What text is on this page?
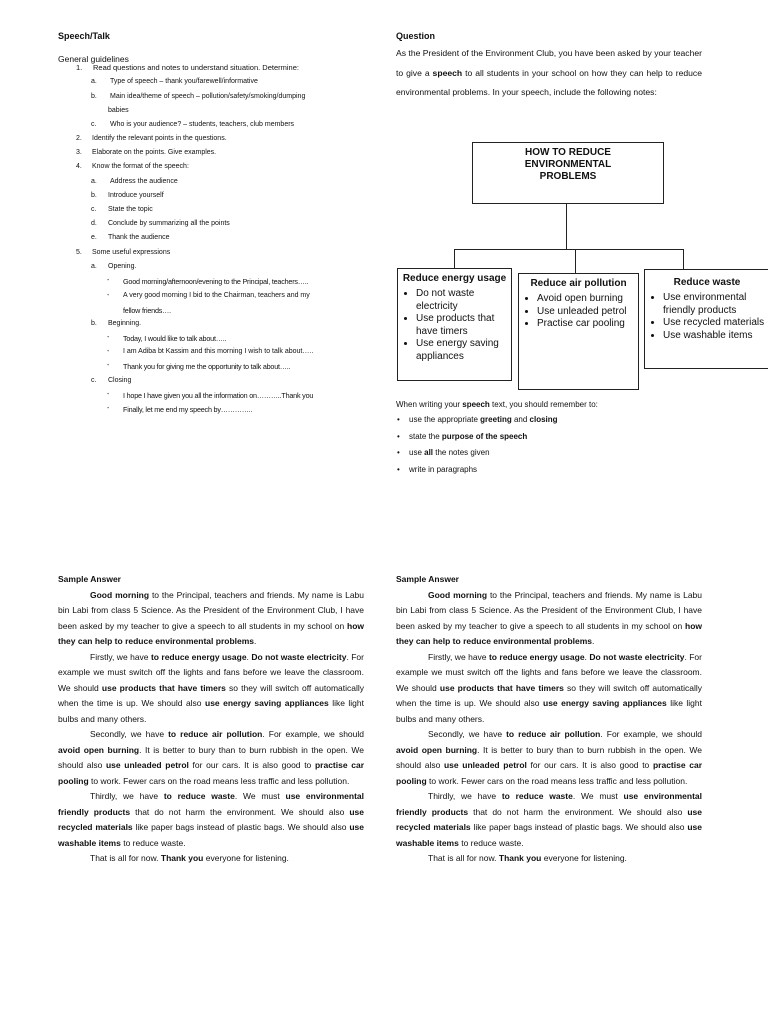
Speech/Talk
General guidelines
1. Read questions and notes to understand situation. Determine:
a. Type of speech – thank you/farewell/informative
b. Main idea/theme of speech – pollution/safety/smoking/dumping
babies
c. Who is your audience? – students, teachers, club members
2. Identify the relevant points in the questions.
3. Elaborate on the points. Give examples.
4. Know the format of the speech:
a. Address the audience
b. Introduce yourself
c. State the topic
d. Conclude by summarizing all the points
e. Thank the audience
5. Some useful expressions
a. Opening.
- Good morning/afternoon/evening to the Principal, teachers…..
- A very good morning I bid to the Chairman, teachers and my
fellow friends….
b. Beginning.
- Today, I would like to talk about…..
- I am Adiba bt Kassim and this morning I wish to talk about…..
- Thank you for giving me the opportunity to talk about…..
c. Closing
- I hope I have given you all the information on………..Thank you
- Finally, let me end my speech by…………..
Question
As the President of the Environment Club, you have been asked by your teacher to give a speech to all students in your school on how they can help to reduce environmental problems. In your speech, include the following notes:
HOW TO REDUCE ENVIRONMENTAL PROBLEMS
Reduce energy usage
• Do not waste electricity
• Use products that have timers
• Use energy saving appliances
Reduce air pollution
• Avoid open burning
• Use unleaded petrol
• Practise car pooling
Reduce waste
• Use environmental friendly products
• Use recycled materials
• Use washable items
When writing your speech text, you should remember to:
• use the appropriate greeting and closing
• state the purpose of the speech
• use all the notes given
• write in paragraphs
Sample Answer

Good morning to the Principal, teachers and friends. My name is Labu bin Labi from class 5 Science. As the President of the Environment Club, I have been asked by my teacher to give a speech to all students in my school on how they can help to reduce environmental problems.

Firstly, we have to reduce energy usage. Do not waste electricity. For example we must switch off the lights and fans before we leave the classroom. We should use products that have timers so they will switch off automatically when the time is up. We should also use energy saving appliances like light bulbs and many others.

Secondly, we have to reduce air pollution. For example, we should avoid open burning. It is better to bury than to burn rubbish in the open. We should also use unleaded petrol for our cars. It is also good to practise car pooling to work. Fewer cars on the road means less traffic and less pollution.

Thirdly, we have to reduce waste. We must use environmental friendly products that do not harm the environment. We should also use recycled materials like paper bags instead of plastic bags. We should also use washable items to reduce waste.

That is all for now. Thank you everyone for listening.

Sample Answer

Good morning to the Principal, teachers and friends. My name is Labu bin Labi from class 5 Science. As the President of the Environment Club, I have been asked by my teacher to give a speech to all students in my school on how they can help to reduce environmental problems.

Firstly, we have to reduce energy usage. Do not waste electricity. For example we must switch off the lights and fans before we leave the classroom. We should use products that have timers so they will switch off automatically when the time is up. We should also use energy saving appliances like light bulbs and many others.

Secondly, we have to reduce air pollution. For example, we should avoid open burning. It is better to bury than to burn rubbish in the open. We should also use unleaded petrol for our cars. It is also good to practise car pooling to work. Fewer cars on the road means less traffic and less pollution.

Thirdly, we have to reduce waste. We must use environmental friendly products that do not harm the environment. We should also use recycled materials like paper bags instead of plastic bags. We should also use washable items to reduce waste.

That is all for now. Thank you everyone for listening.
